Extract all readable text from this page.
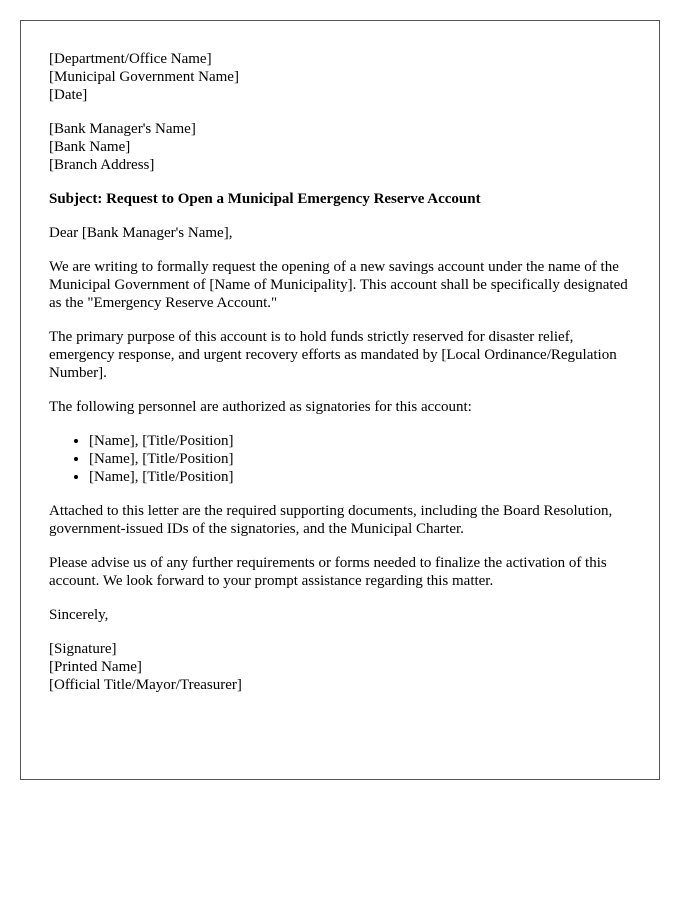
[Department/Office Name]
[Municipal Government Name]
[Date]
[Bank Manager's Name]
[Bank Name]
[Branch Address]

Subject: Request to Open a Municipal Emergency Reserve Account

Dear [Bank Manager's Name],

We are writing to formally request the opening of a new savings account under the name of the Municipal Government of [Name of Municipality]. This account shall be specifically designated as the "Emergency Reserve Account."

The primary purpose of this account is to hold funds strictly reserved for disaster relief, emergency response, and urgent recovery efforts as mandated by [Local Ordinance/Regulation Number].

The following personnel are authorized as signatories for this account:

• [Name], [Title/Position]
• [Name], [Title/Position]
• [Name], [Title/Position]

Attached to this letter are the required supporting documents, including the Board Resolution, government-issued IDs of the signatories, and the Municipal Charter.

Please advise us of any further requirements or forms needed to finalize the activation of this account. We look forward to your prompt assistance regarding this matter.

Sincerely,

[Signature]
[Printed Name]
[Official Title/Mayor/Treasurer]
